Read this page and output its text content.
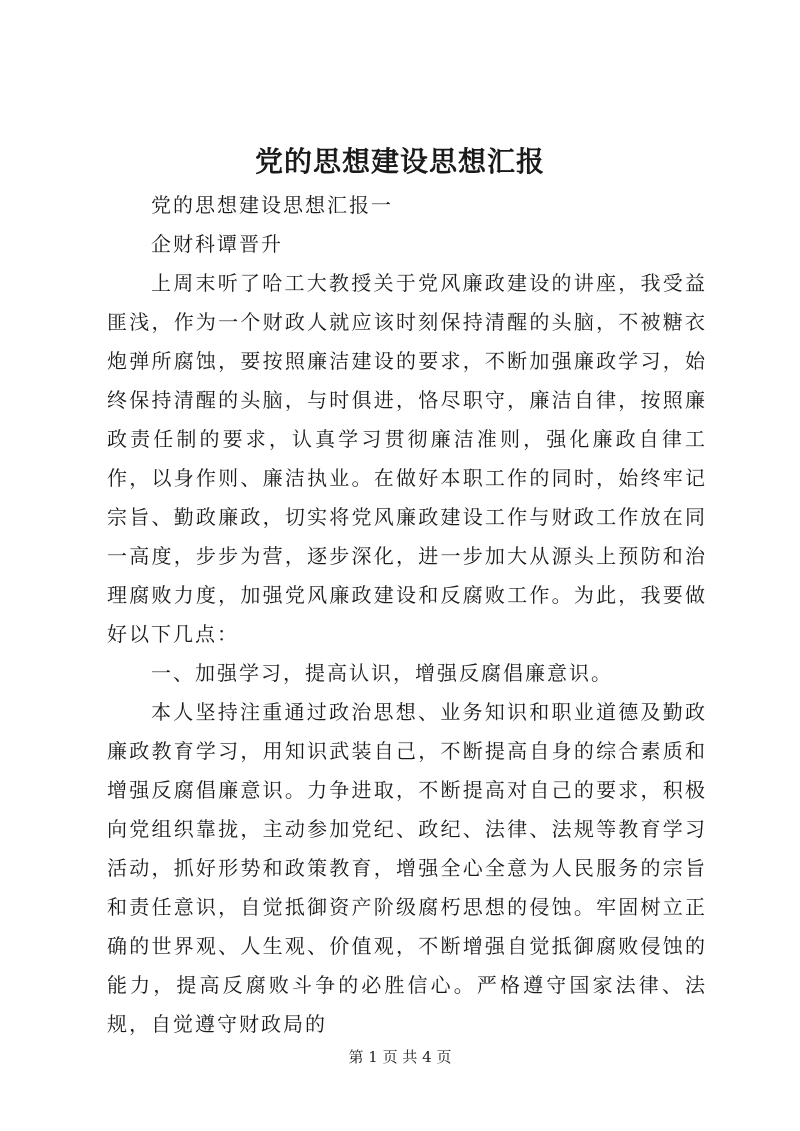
党的思想建设思想汇报

党的思想建设思想汇报一

企财科谭晋升

上周末听了哈工大教授关于党风廉政建设的讲座，我受益匪浅，作为一个财政人就应该时刻保持清醒的头脑，不被糖衣炮弹所腐蚀，要按照廉洁建设的要求，不断加强廉政学习，始终保持清醒的头脑，与时俱进，恪尽职守，廉洁自律，按照廉政责任制的要求，认真学习贯彻廉洁准则，强化廉政自律工作，以身作则、廉洁执业。在做好本职工作的同时，始终牢记宗旨、勤政廉政，切实将党风廉政建设工作与财政工作放在同一高度，步步为营，逐步深化，进一步加大从源头上预防和治理腐败力度，加强党风廉政建设和反腐败工作。为此，我要做好以下几点：

一、加强学习，提高认识，增强反腐倡廉意识。

本人坚持注重通过政治思想、业务知识和职业道德及勤政廉政教育学习，用知识武装自己，不断提高自身的综合素质和增强反腐倡廉意识。力争进取，不断提高对自己的要求，积极向党组织靠拢，主动参加党纪、政纪、法律、法规等教育学习活动，抓好形势和政策教育，增强全心全意为人民服务的宗旨和责任意识，自觉抵御资产阶级腐朽思想的侵蚀。牢固树立正确的世界观、人生观、价值观，不断增强自觉抵御腐败侵蚀的能力，提高反腐败斗争的必胜信心。严格遵守国家法律、法规，自觉遵守财政局的

第 1 页 共 4 页
